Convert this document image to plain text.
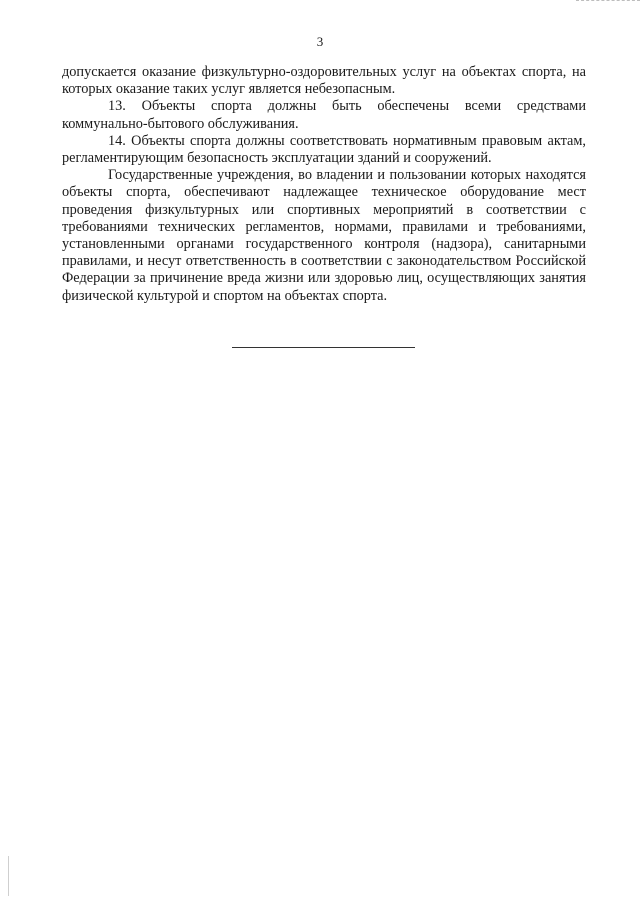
3

допускается оказание физкультурно-оздоровительных услуг на объектах спорта, на которых оказание таких услуг является небезопасным.

13. Объекты спорта должны быть обеспечены всеми средствами коммунально-бытового обслуживания.

14. Объекты спорта должны соответствовать нормативным правовым актам, регламентирующим безопасность эксплуатации зданий и сооружений.

Государственные учреждения, во владении и пользовании которых находятся объекты спорта, обеспечивают надлежащее техническое оборудование мест проведения физкультурных или спортивных мероприятий в соответствии с требованиями технических регламентов, нормами, правилами и требованиями, установленными органами государственного контроля (надзора), санитарными правилами, и несут ответственность в соответствии с законодательством Российской Федерации за причинение вреда жизни или здоровью лиц, осуществляющих занятия физической культурой и спортом на объектах спорта.
